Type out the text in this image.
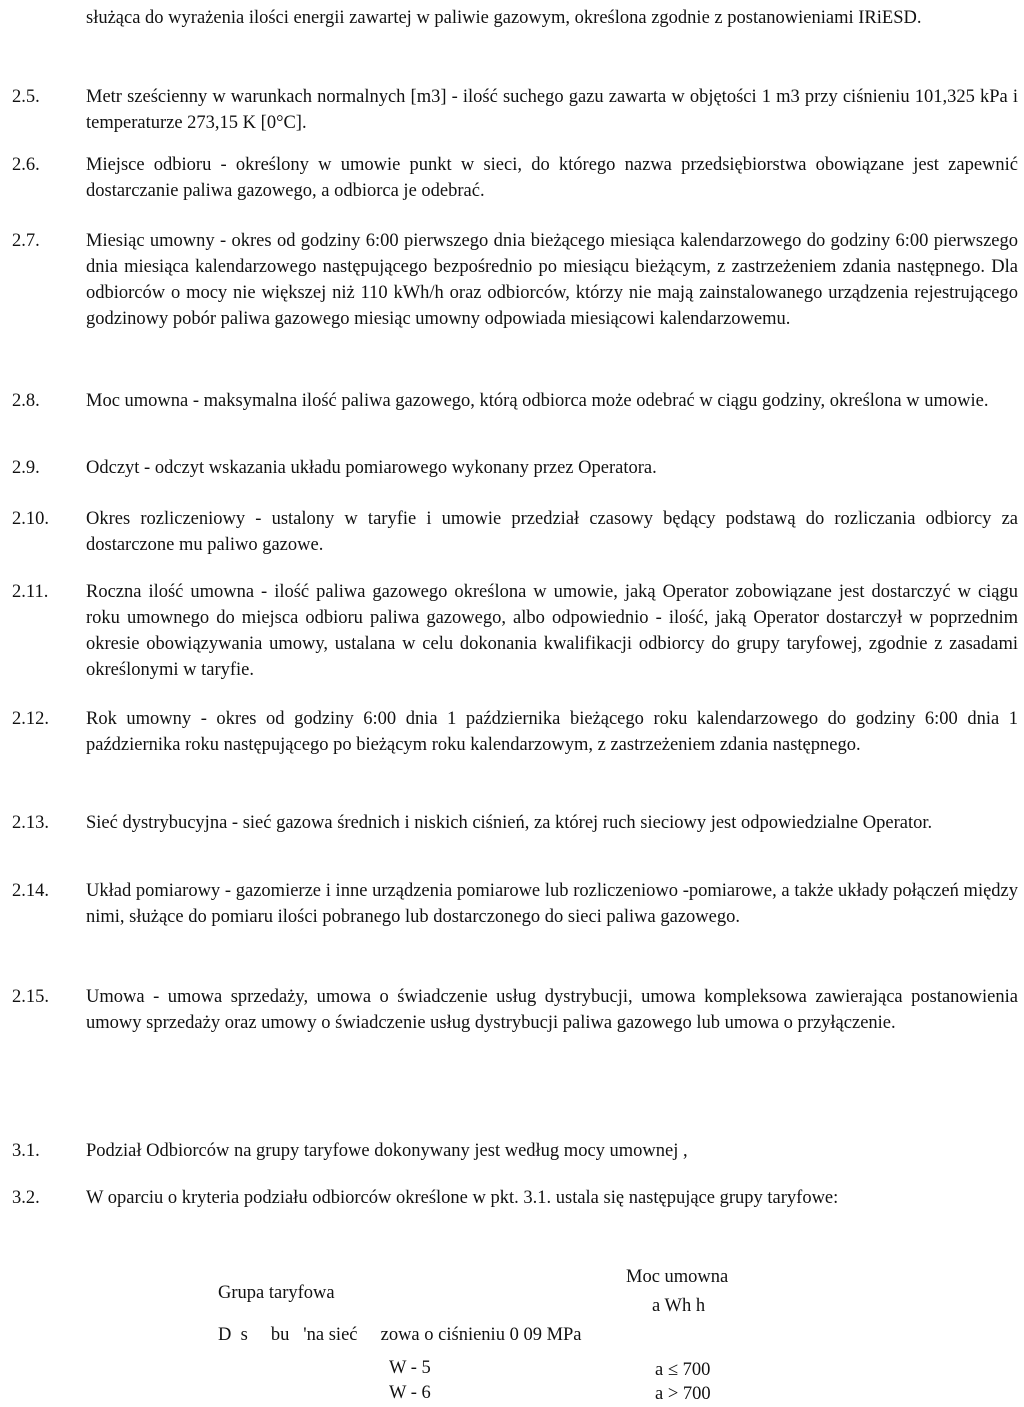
służąca do wyrażenia ilości energii zawartej w paliwie gazowym, określona zgodnie z postanowieniami IRiESD.
2.5.	Metr sześcienny w warunkach normalnych [m3] - ilość suchego gazu zawarta w objętości 1 m3 przy ciśnieniu 101,325 kPa i temperaturze 273,15 K [0°C].
2.6.	Miejsce odbioru - określony w umowie punkt w sieci, do którego nazwa przedsiębiorstwa obowiązane jest zapewnić dostarczanie paliwa gazowego, a odbiorca je odebrać.
2.7.	Miesiąc umowny - okres od godziny 6:00 pierwszego dnia bieżącego miesiąca kalendarzowego do godziny 6:00 pierwszego dnia miesiąca kalendarzowego następującego bezpośrednio po miesiącu bieżącym, z zastrzeżeniem zdania następnego. Dla odbiorców o mocy nie większej niż 110 kWh/h oraz odbiorców, którzy nie mają zainstalowanego urządzenia rejestrującego godzinowy pobór paliwa gazowego miesiąc umowny odpowiada miesiącowi kalendarzowemu.
2.8.	Moc umowna - maksymalna ilość paliwa gazowego, którą odbiorca może odebrać w ciągu godziny, określona w umowie.
2.9.	Odczyt - odczyt wskazania układu pomiarowego wykonany przez Operatora.
2.10.	Okres rozliczeniowy - ustalony w taryfie i umowie przedział czasowy będący podstawą do rozliczania odbiorcy za dostarczone mu paliwo gazowe.
2.11.	Roczna ilość umowna - ilość paliwa gazowego określona w umowie, jaką Operator zobowiązane jest dostarczyć w ciągu roku umownego do miejsca odbioru paliwa gazowego, albo odpowiednio - ilość, jaką Operator dostarczył w poprzednim okresie obowiązywania umowy, ustalana w celu dokonania kwalifikacji odbiorcy do grupy taryfowej, zgodnie z zasadami określonymi w taryfie.
2.12.	Rok umowny - okres od godziny 6:00 dnia 1 października bieżącego roku kalendarzowego do godziny 6:00 dnia 1 października roku następującego po bieżącym roku kalendarzowym, z zastrzeżeniem zdania następnego.
2.13.	Sieć dystrybucyjna - sieć gazowa średnich i niskich ciśnień, za której ruch sieciowy jest odpowiedzialne Operator.
2.14.	Układ pomiarowy - gazomierze i inne urządzenia pomiarowe lub rozliczeniowo -pomiarowe, a także układy połączeń między nimi, służące do pomiaru ilości pobranego lub dostarczonego do sieci paliwa gazowego.
2.15.	Umowa - umowa sprzedaży, umowa o świadczenie usług dystrybucji, umowa kompleksowa zawierająca postanowienia umowy sprzedaży oraz umowy o świadczenie usług dystrybucji paliwa gazowego lub umowa o przyłączenie.
3.1.	Podział Odbiorców na grupy taryfowe dokonywany jest według mocy umownej ,
3.2.	W oparciu o kryteria podziału odbiorców określone w pkt. 3.1. ustala się następujące grupy taryfowe:
Grupa taryfowa
Moc umowna
a Wh h
D  s     bu   'na sieć     zowa o ciśnieniu 0 09 MPa
W - 5	a ≤ 700
W - 6	a > 700
